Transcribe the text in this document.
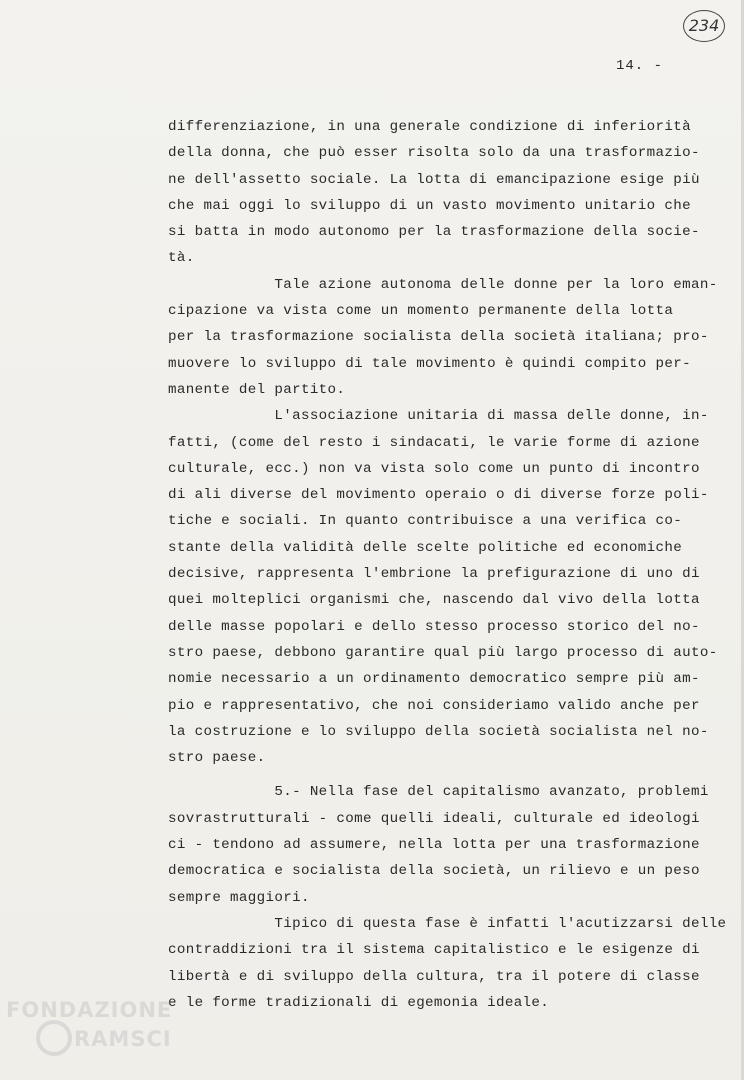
234
14. -
differenziazione, in una generale condizione di inferiorità
della donna, che può esser risolta solo da una trasformazio-
ne dell'assetto sociale. La lotta di emancipazione esige più
che mai oggi lo sviluppo di un vasto movimento unitario che
si batta in modo autonomo per la trasformazione della socie-
tà.
Tale azione autonoma delle donne per la loro eman-
cipazione va vista come un momento permanente della lotta
per la trasformazione socialista della società italiana; pro-
muovere lo sviluppo di tale movimento è quindi compito per-
manente del partito.
L'associazione unitaria di massa delle donne, in-
fatti, (come del resto i sindacati, le varie forme di azione
culturale, ecc.) non va vista solo come un punto di incontro
di ali diverse del movimento operaio o di diverse forze poli-
tiche e sociali. In quanto contribuisce a una verifica co-
stante della validità delle scelte politiche ed economiche
decisive, rappresenta l'embrione la prefigurazione di uno di
quei molteplici organismi che, nascendo dal vivo della lotta
delle masse popolari e dello stesso processo storico del no-
stro paese, debbono garantire qual più largo processo di auto-
nomie necessario a un ordinamento democratico sempre più am-
pio e rappresentativo, che noi consideriamo valido anche per
la costruzione e lo sviluppo della società socialista nel no-
stro paese.
5.- Nella fase del capitalismo avanzato, problemi
sovrastrutturali - come quelli ideali, culturale ed ideologi
ci - tendono ad assumere, nella lotta per una trasformazione
democratica e socialista della società, un rilievo e un peso
sempre maggiori.
Tipico di questa fase è infatti l'acutizzarsi delle
contraddizioni tra il sistema capitalistico e le esigenze di
libertà e di sviluppo della cultura, tra il potere di classe
e le forme tradizionali di egemonia ideale.
FONDAZIONE
RAMSCI
